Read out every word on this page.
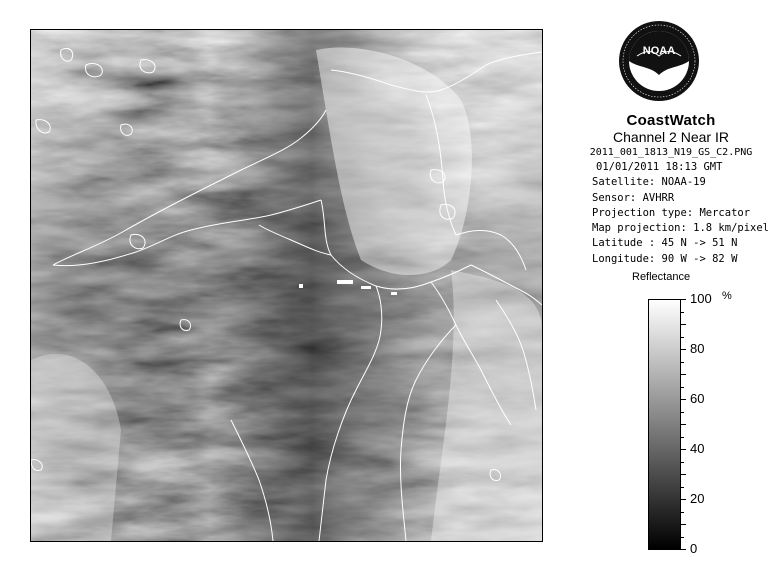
NOAA
CoastWatch
Channel 2 Near IR
2011_001_1813_N19_GS_C2.PNG
01/01/2011 18:13 GMT
Satellite: NOAA-19
Sensor: AVHRR
Projection type: Mercator
Map projection: 1.8 km/pixel
Latitude : 45 N -> 51 N
Longitude: 90 W -> 82 W
Reflectance
%
100
80
60
40
20
0
